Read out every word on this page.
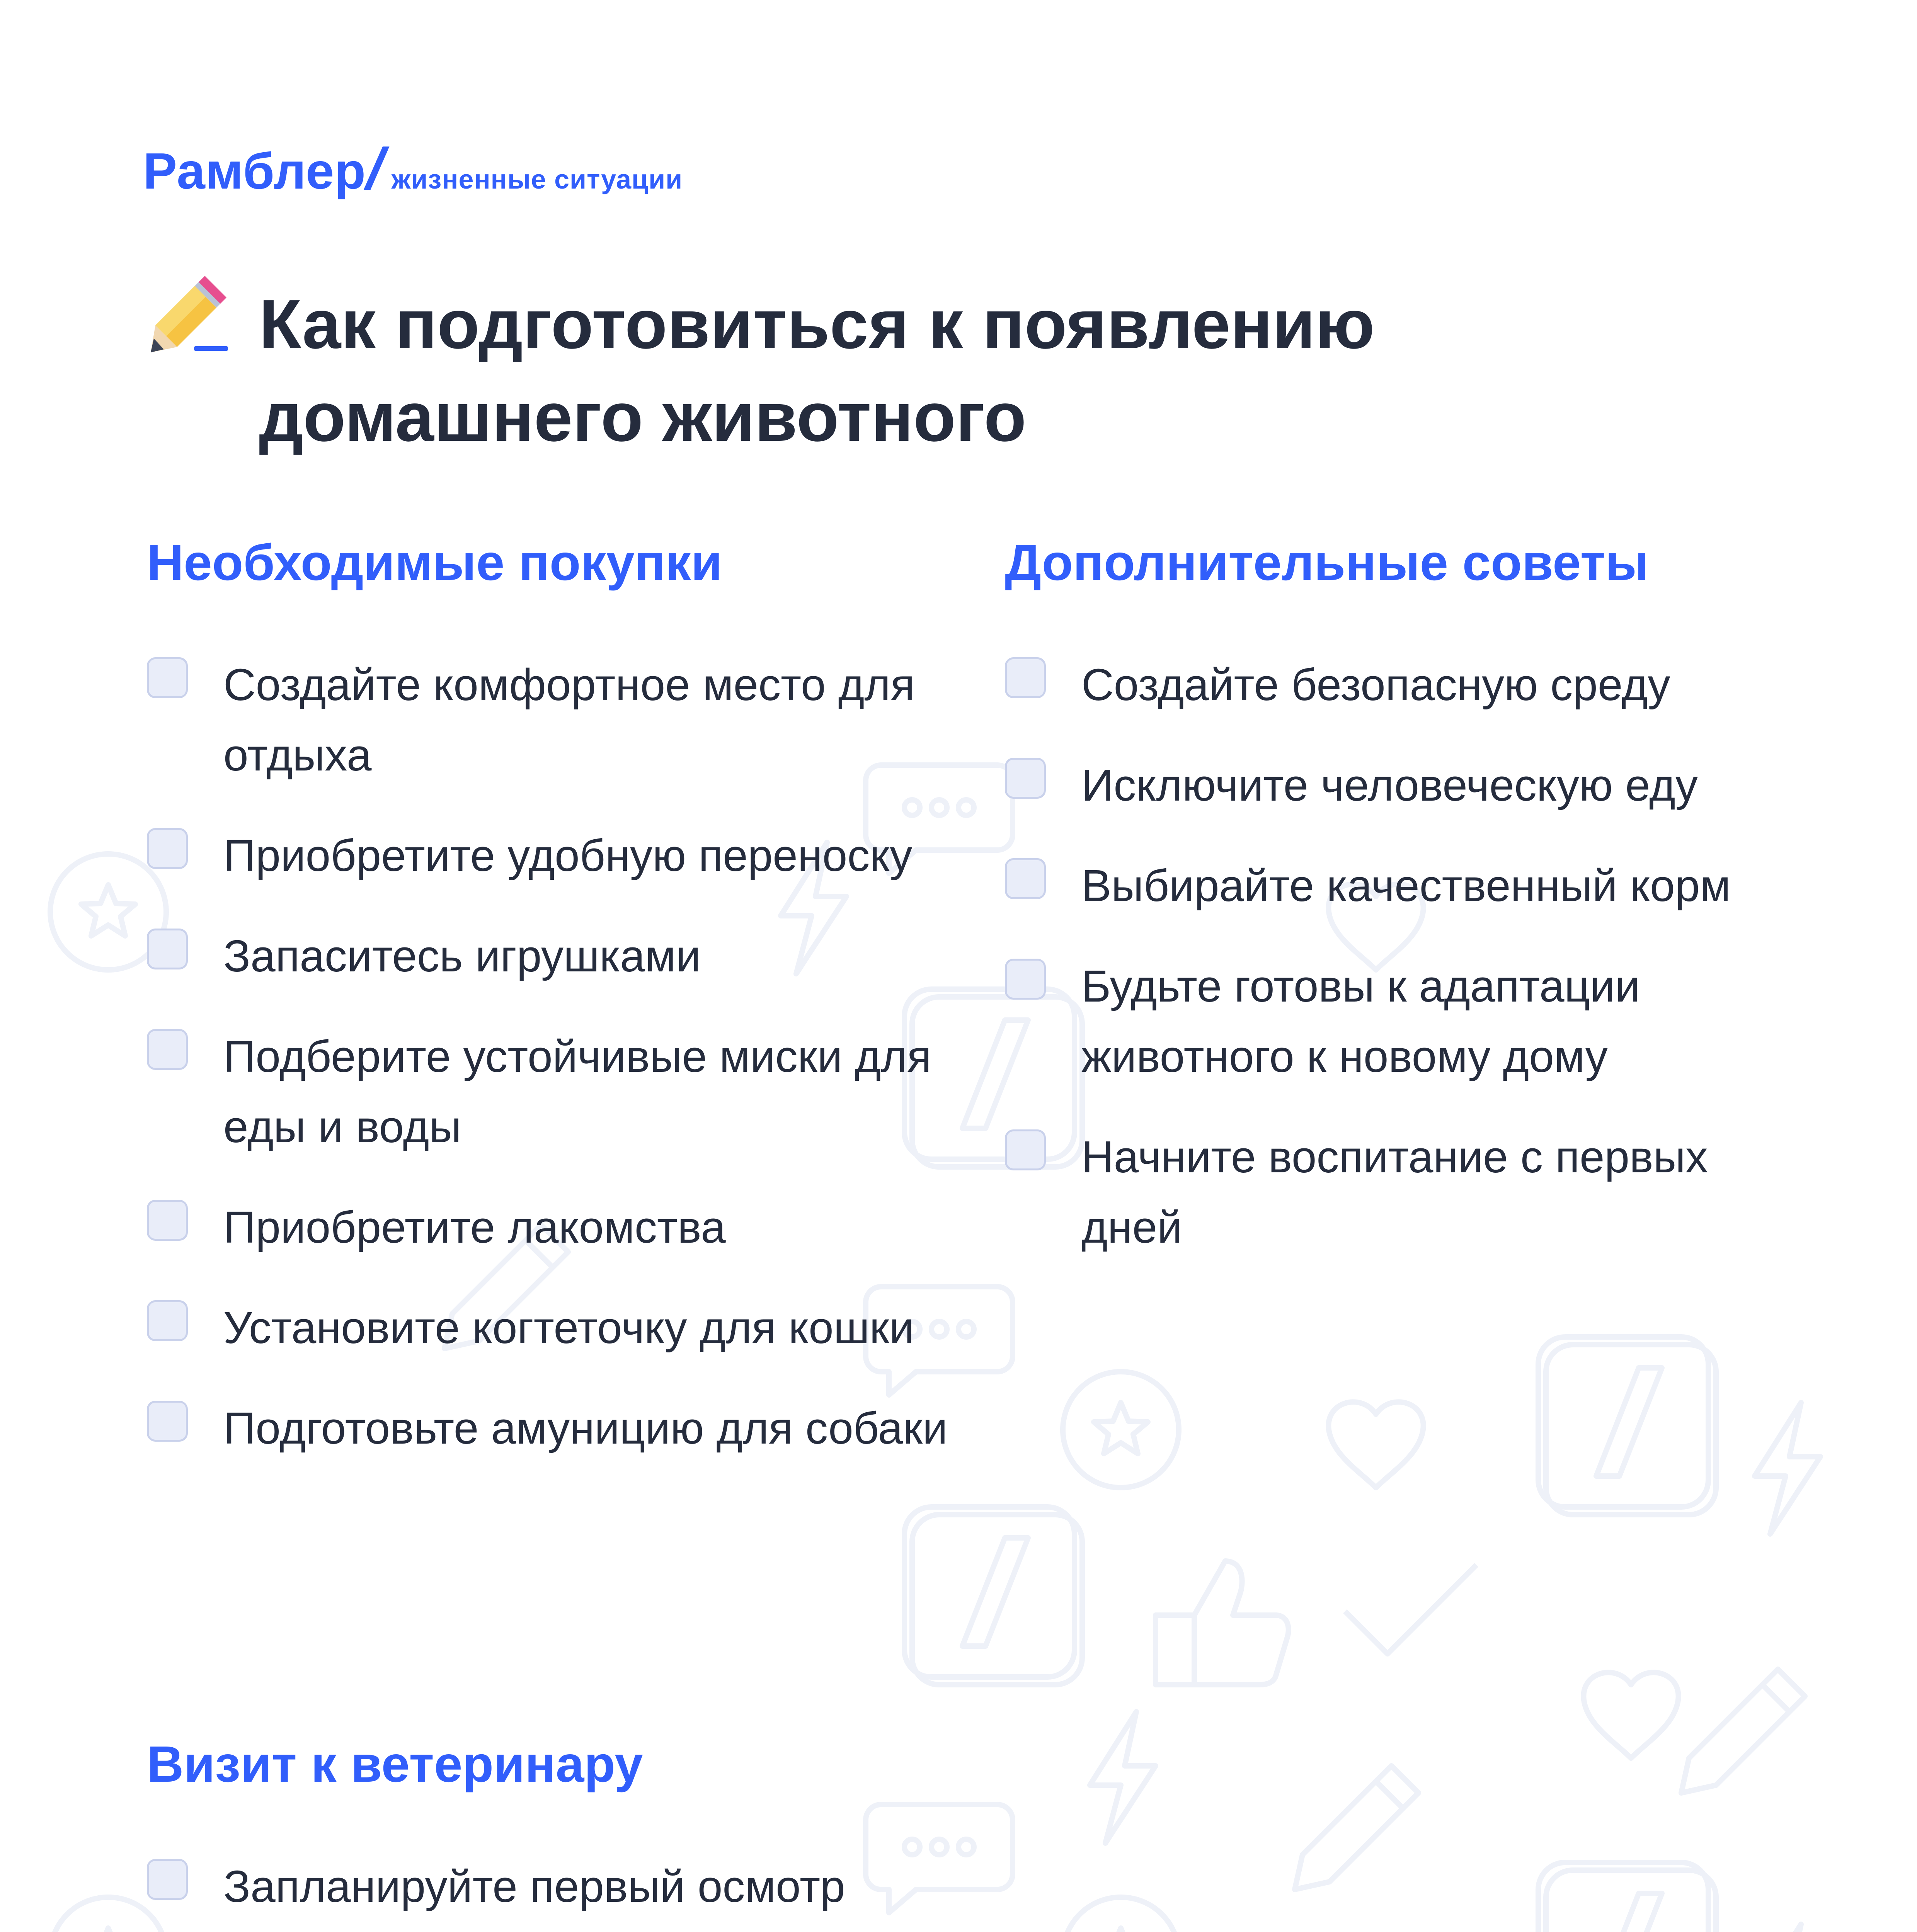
Рамблер
/
жизненные ситуации
Как подготовиться к появлению домашнего животного
Необходимые покупки
Создайте комфортное место для отдыха
Приобретите удобную переноску
Запаситесь игрушками
Подберите устойчивые миски для еды и воды
Приобретите лакомства
Установите когтеточку для кошки
Подготовьте амуницию для собаки
Дополнительные советы
Создайте безопасную среду
Исключите человеческую еду
Выбирайте качественный корм
Будьте готовы к адаптации животного к новому дому
Начните воспитание с первых дней
Визит к ветеринару
Запланируйте первый осмотр
